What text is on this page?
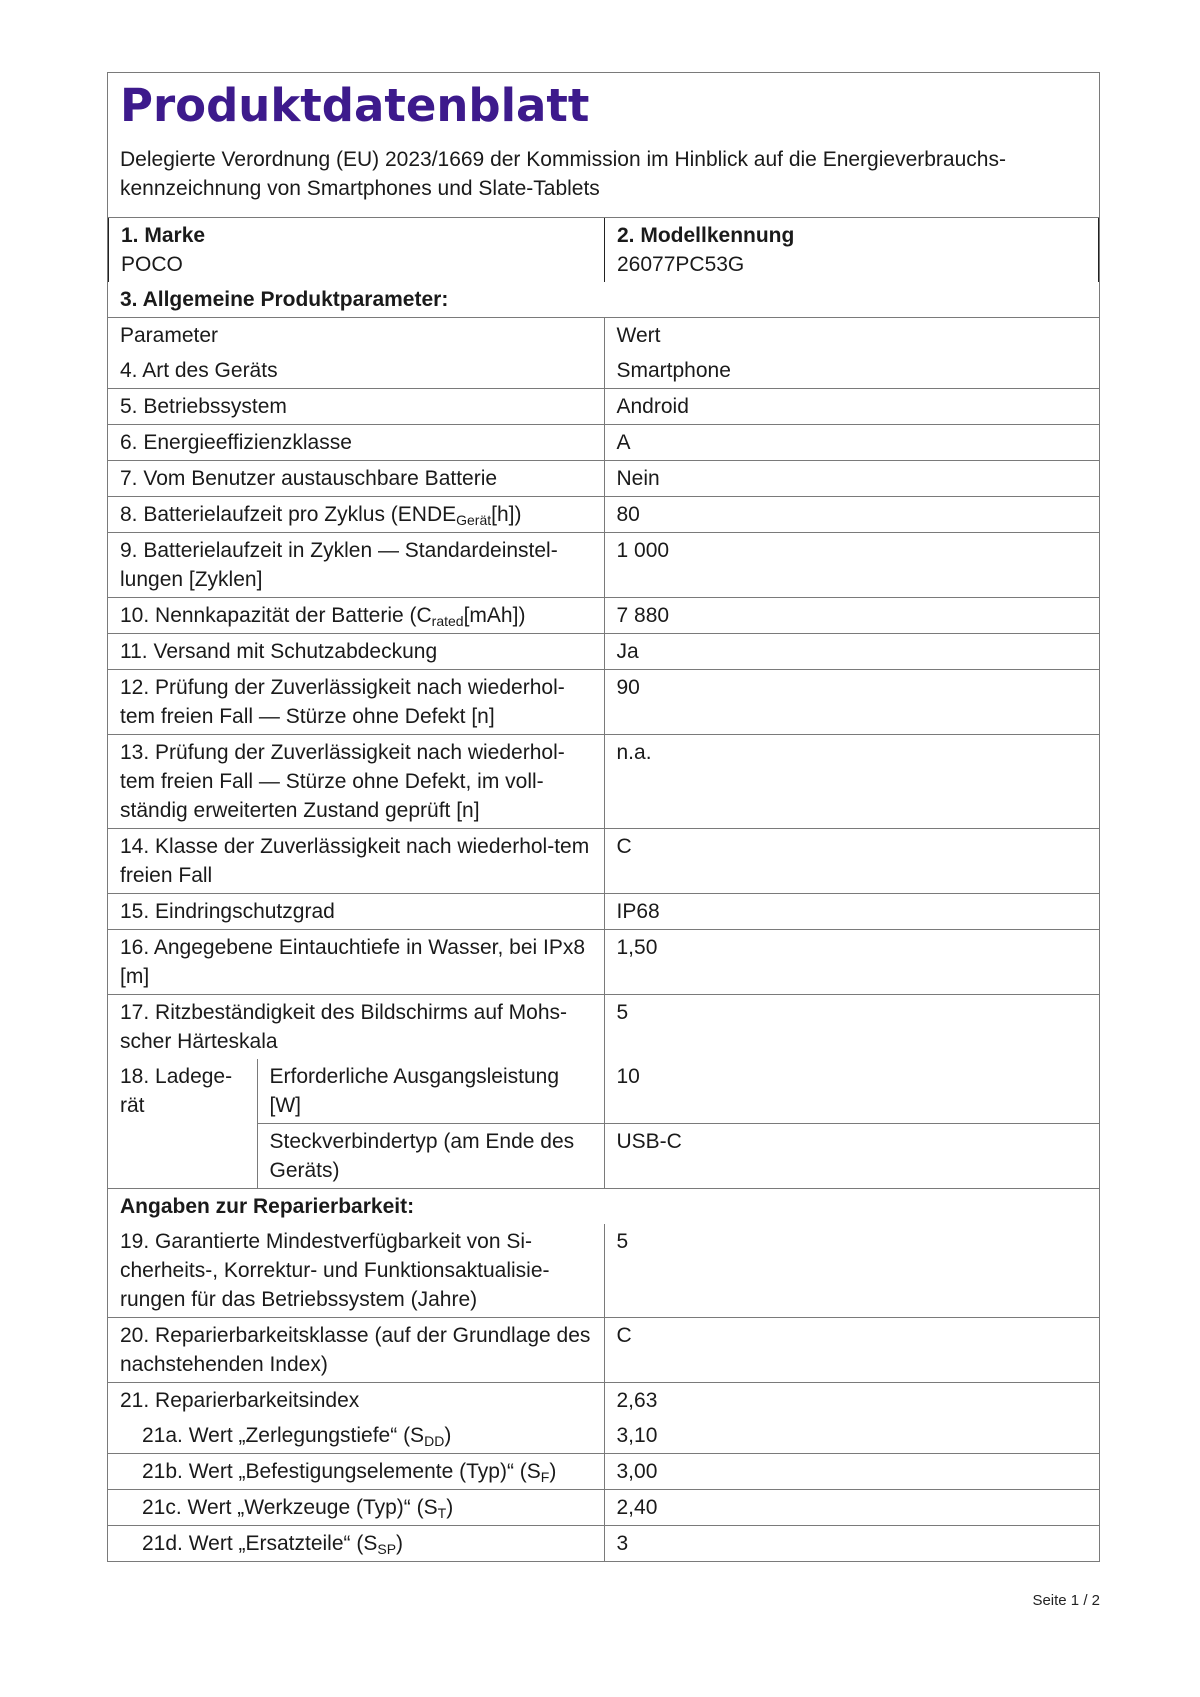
Produktdatenblatt
Delegierte Verordnung (EU) 2023/1669 der Kommission im Hinblick auf die Energieverbrauchs-kennzeichnung von Smartphones und Slate-Tablets
1. Marke
POCO

2. Modellkennung
26077PC53G
3. Allgemeine Produktparameter:		
Parameter		Wert
4. Art des Geräts		Smartphone
5. Betriebssystem		Android
6. Energieeffizienzklasse		A
7. Vom Benutzer austauschbare Batterie		Nein
8. Batterielaufzeit pro Zyklus $(ENDE_{Gerät}[h])$		80
9. Batterielaufzeit in Zyklen — Standardeinstel-lungen [Zyklen]		1 000
10. Nennkapazität der Batterie $(C_{rated}[mAh])$		7 880
11. Versand mit Schutzabdeckung		Ja
12. Prüfung der Zuverlässigkeit nach wiederhol-tem freien Fall — Stürze ohne Defekt [n]		90
13. Prüfung der Zuverlässigkeit nach wiederhol-tem freien Fall — Stürze ohne Defekt, im voll-ständig erweiterten Zustand geprüft [n]		n.a.
14. Klasse der Zuverlässigkeit nach wiederhol-tem freien Fall		C
15. Eindringschutzgrad		IP68
16. Angegebene Eintauchtiefe in Wasser, bei IPx8 [m]		1,50
17. Ritzbeständigkeit des Bildschirms auf Mohs-scher Härteskala		5
18. Ladege-rät	Erforderliche Ausgangsleistung [W]	10
	Steckverbindertyp (am Ende des Geräts)	USB-C
Angaben zur Reparierbarkeit:		
19. Garantierte Mindestverfügbarkeit von Si-cherheits-, Korrektur- und Funktionsaktualisie-rungen für das Betriebssystem (Jahre)		5
20. Reparierbarkeitsklasse (auf der Grundlage des nachstehenden Index)		C
21. Reparierbarkeitsindex		2,63
21a. Wert „Zerlegungstiefe“ $(S_{DD})$		3,10
21b. Wert „Befestigungselemente (Typ)“ $(S_F)$		3,00
21c. Wert „Werkzeuge (Typ)“ $(S_T)$		2,40
21d. Wert „Ersatzteile“ $(S_{SP})$		3
Seite 1 / 2
